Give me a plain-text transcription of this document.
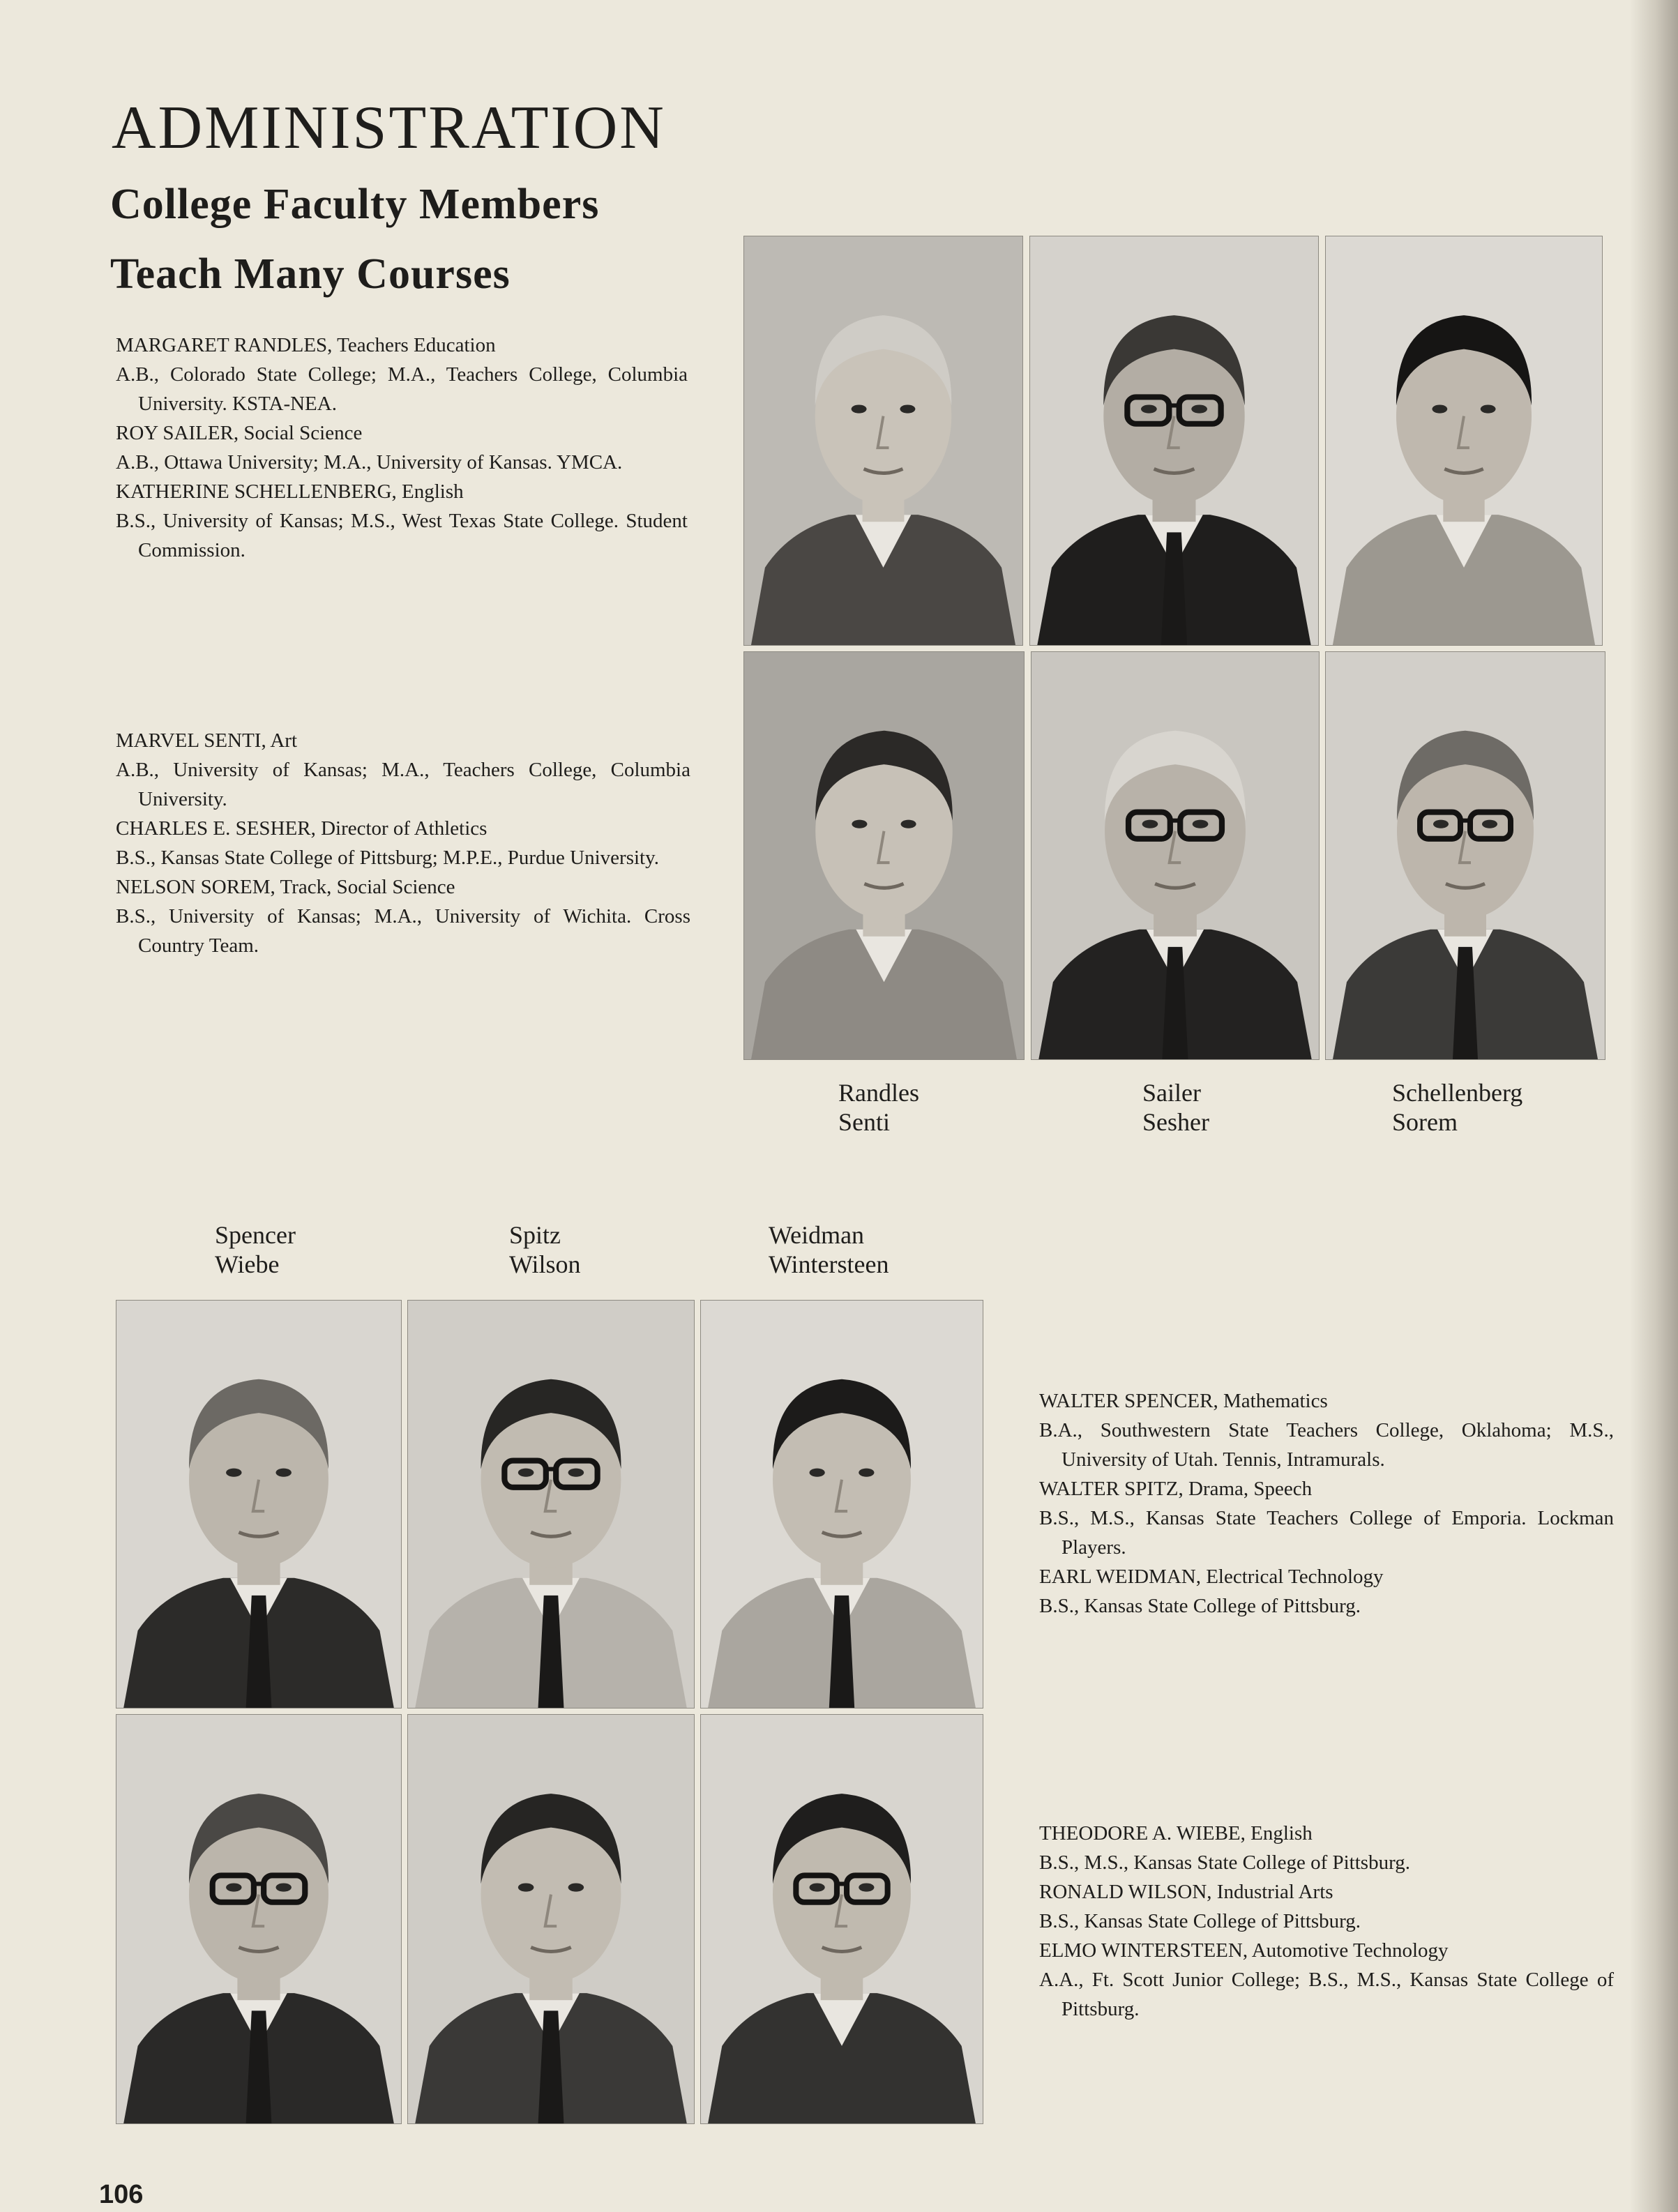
ADMINISTRATION
College Faculty Members
Teach Many Courses

MARGARET RANDLES, Teachers Education

A.B., Colorado State College; M.A., Teachers College, Columbia University. KSTA-NEA.

ROY SAILER, Social Science

A.B., Ottawa University; M.A., University of Kansas. YMCA.

KATHERINE SCHELLENBERG, English

B.S., University of Kansas; M.S., West Texas State College. Student Commission.

MARVEL SENTI, Art

A.B., University of Kansas; M.A., Teachers College, Columbia University.

CHARLES E. SESHER, Director of Athletics

B.S., Kansas State College of Pittsburg; M.P.E., Purdue University.

NELSON SOREM, Track, Social Science

B.S., University of Kansas; M.A., University of Wichita. Cross Country Team.

WALTER SPENCER, Mathematics

B.A., Southwestern State Teachers College, Oklahoma; M.S., University of Utah. Tennis, Intramurals.

WALTER SPITZ, Drama, Speech

B.S., M.S., Kansas State Teachers College of Emporia. Lockman Players.

EARL WEIDMAN, Electrical Technology

B.S., Kansas State College of Pittsburg.

THEODORE A. WIEBE, English

B.S., M.S., Kansas State College of Pittsburg.

RONALD WILSON, Industrial Arts

B.S., Kansas State College of Pittsburg.

ELMO WINTERSTEEN, Automotive Technology

A.A., Ft. Scott Junior College; B.S., M.S., Kansas State College of Pittsburg.

Randles
Senti
Sailer
Sesher
Schellenberg
Sorem
Spencer
Wiebe
Spitz
Wilson
Weidman
Wintersteen
106
